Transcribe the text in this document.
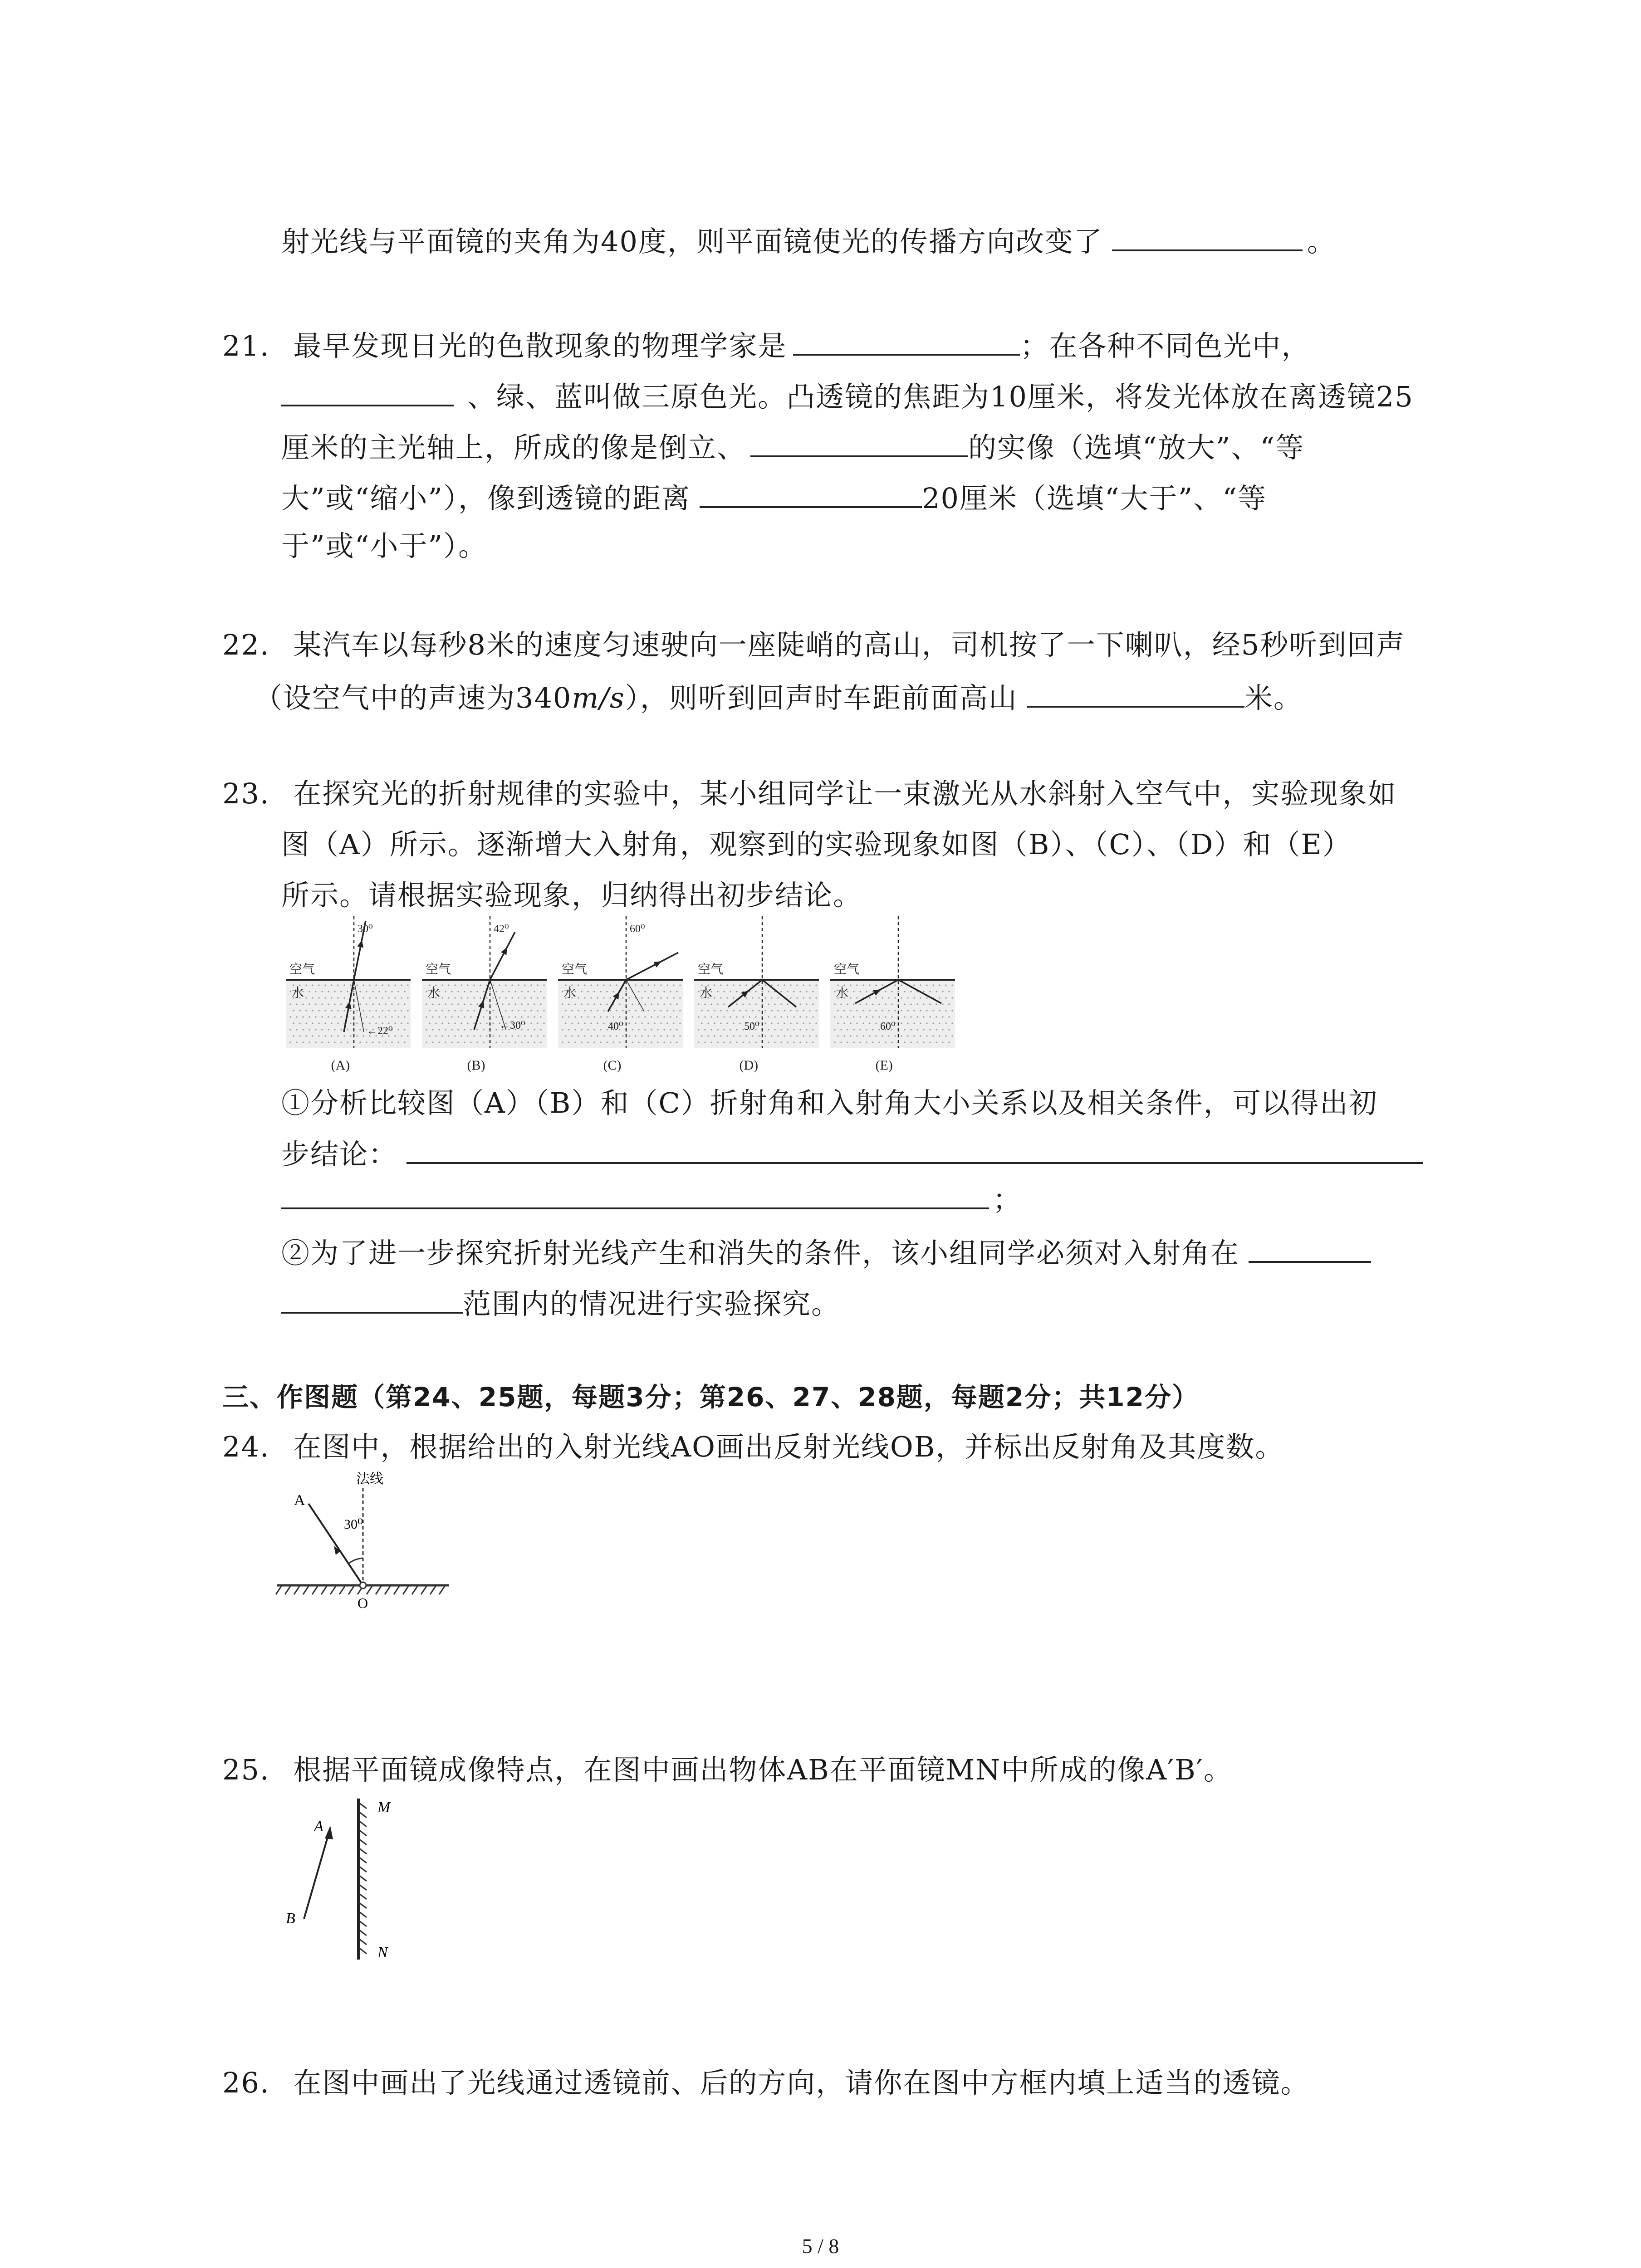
射光线与平面镜的夹角为40度，则平面镜使光的传播方向改变了	。
21. 最早发现日光的色散现象的物理学家是	；在各种不同色光中，
、绿、蓝叫做三原色光。凸透镜的焦距为10厘米，将发光体放在离透镜25
厘米的主光轴上，所成的像是倒立、	的实像（选填“放大”、“等
大”或“缩小”），像到透镜的距离	20厘米（选填“大于”、“等
于”或“小于”）。
22. 某汽车以每秒8米的速度匀速驶向一座陡峭的高山，司机按了一下喇叭，经5秒听到回声
（设空气中的声速为340m/s），则听到回声时车距前面高山	米。
23. 在探究光的折射规律的实验中，某小组同学让一束激光从水斜射入空气中，实验现象如
图（A）所示。逐渐增大入射角，观察到的实验现象如图（B）、（C）、（D）和（E）
所示。请根据实验现象，归纳得出初步结论。
30⁰
空气
水
←22⁰
(A)
42⁰
空气
水
←30⁰
(B)
60⁰
空气
水
40⁰
(C)
空气
水
50⁰
(D)
空气
水
60⁰
(E)
①分析比较图（A）（B）和（C）折射角和入射角大小关系以及相关条件，可以得出初
步结论：
；
②为了进一步探究折射光线产生和消失的条件，该小组同学必须对入射角在
范围内的情况进行实验探究。
三、作图题（第24、25题，每题3分；第26、27、28题，每题2分；共12分）
24. 在图中，根据给出的入射光线AO画出反射光线OB，并标出反射角及其度数。
法线
A
30⁰
O
25. 根据平面镜成像特点，在图中画出物体AB在平面镜MN中所成的像A′B′。
A
B
M
N
26. 在图中画出了光线通过透镜前、后的方向，请你在图中方框内填上适当的透镜。
5 / 8
